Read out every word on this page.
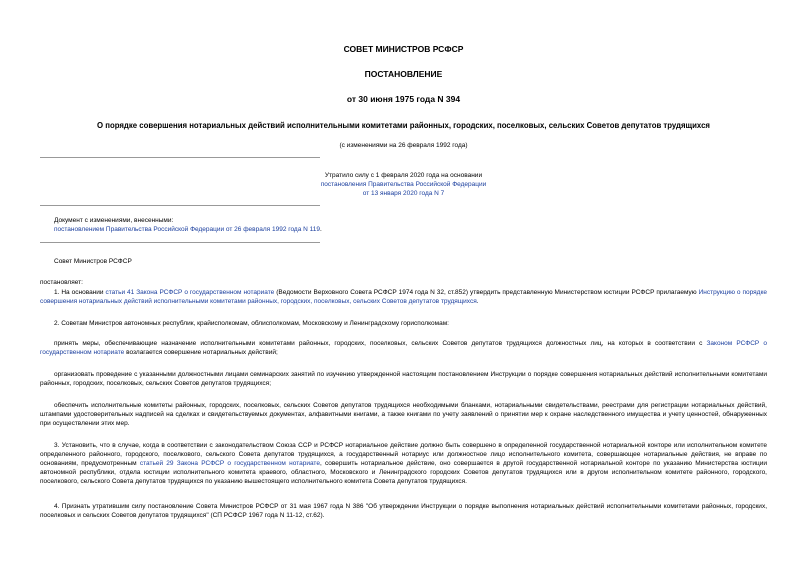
СОВЕТ МИНИСТРОВ РСФСР
ПОСТАНОВЛЕНИЕ
от 30 июня 1975 года N 394
О порядке совершения нотариальных действий исполнительными комитетами районных, городских, поселковых, сельских Советов депутатов трудящихся
(с изменениями на 26 февраля 1992 года)
Утратило силу с 1 февраля 2020 года на основании
постановления Правительства Российской Федерации
от 13 января 2020 года N 7
Документ с изменениями, внесенными:
постановлением Правительства Российской Федерации от 26 февраля 1992 года N 119.
Совет Министров РСФСР
постановляет:

1. На основании статьи 41 Закона РСФСР о государственном нотариате (Ведомости Верховного Совета РСФСР 1974 года N 32, ст.852) утвердить представленную Министерством юстиции РСФСР прилагаемую Инструкцию о порядке совершения нотариальных действий исполнительными комитетами районных, городских, поселковых, сельских Советов депутатов трудящихся.

2. Советам Министров автономных республик, крайисполкомам, облисполкомам, Московскому и Ленинградскому горисполкомам:

принять меры, обеспечивающие назначение исполнительными комитетами районных, городских, поселковых, сельских Советов депутатов трудящихся должностных лиц, на которых в соответствии с Законом РСФСР о государственном нотариате возлагается совершение нотариальных действий;

организовать проведение с указанными должностными лицами семинарских занятий по изучению утвержденной настоящим постановлением Инструкции о порядке совершения нотариальных действий исполнительными комитетами районных, городских, поселковых, сельских Советов депутатов трудящихся;

обеспечить исполнительные комитеты районных, городских, поселковых, сельских Советов депутатов трудящихся необходимыми бланками, нотариальными свидетельствами, реестрами для регистрации нотариальных действий, штампами удостоверительных надписей на сделках и свидетельствуемых документах, алфавитными книгами, а также книгами по учету заявлений о принятии мер к охране наследственного имущества и учету ценностей, обнаруженных при осуществлении этих мер.

3. Установить, что в случае, когда в соответствии с законодательством Союза ССР и РСФСР нотариальное действие должно быть совершено в определенной государственной нотариальной конторе или исполнительном комитете определенного районного, городского, поселкового, сельского Совета депутатов трудящихся, а государственный нотариус или должностное лицо исполнительного комитета, совершающее нотариальные действия, не вправе по основаниям, предусмотренным статьей 29 Закона РСФСР о государственном нотариате, совершить нотариальное действие, оно совершается в другой государственной нотариальной конторе по указанию Министерства юстиции автономной республики, отдела юстиции исполнительного комитета краевого, областного, Московского и Ленинградского городских Советов депутатов трудящихся или в другом исполнительном комитете районного, городского, поселкового, сельского Совета депутатов трудящихся по указанию вышестоящего исполнительного комитета Совета депутатов трудящихся.

4. Признать утратившим силу постановление Совета Министров РСФСР от 31 мая 1967 года N 386 "Об утверждении Инструкции о порядке выполнения нотариальных действий исполнительными комитетами районных, городских, поселковых и сельских Советов депутатов трудящихся" (СП РСФСР 1967 года N 11-12, ст.62).
